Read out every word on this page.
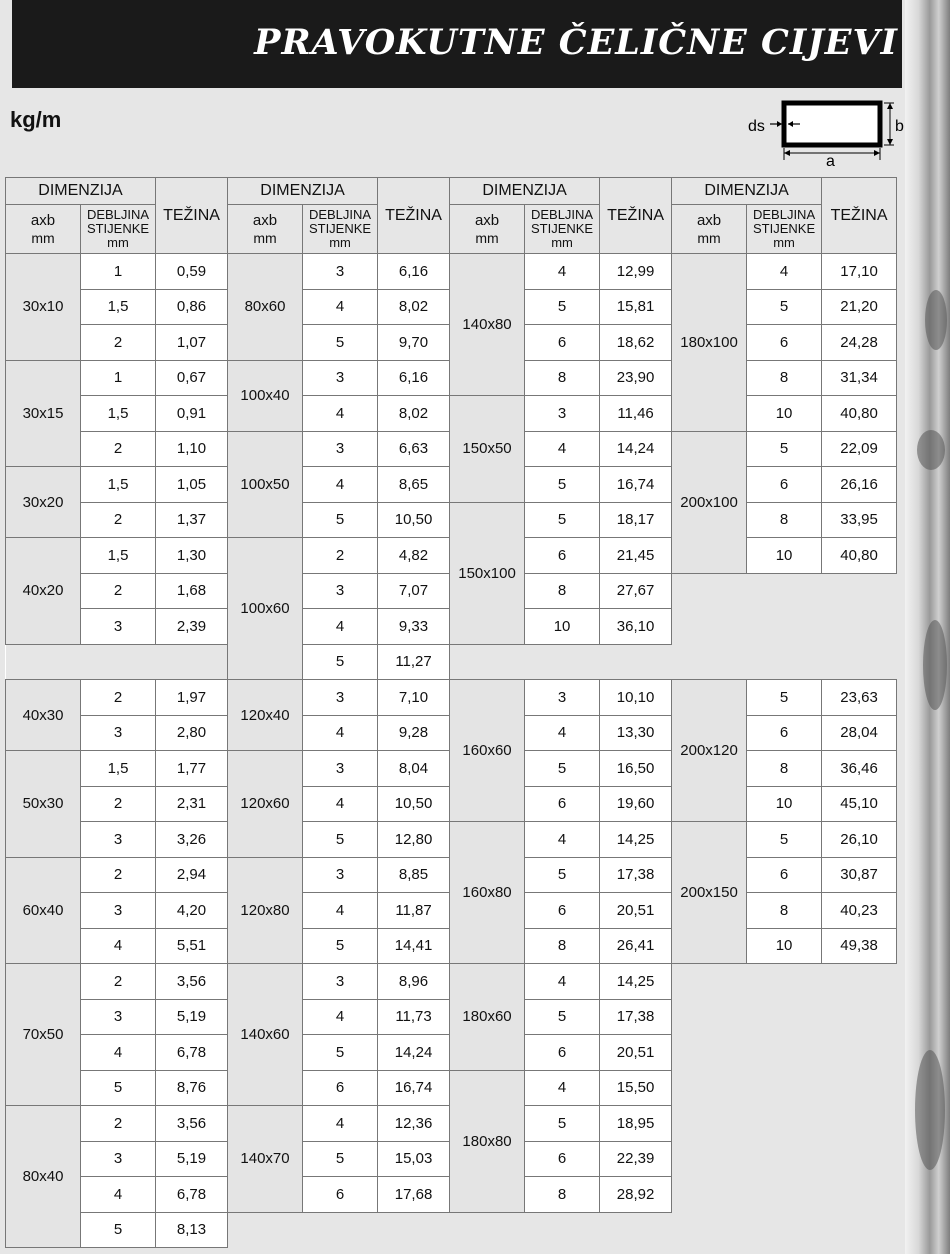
PRAVOKUTNE ČELIČNE CIJEVI
kg/m	ds
a
b
DIMENZIJA		TEŽINA	DIMENZIJA		TEŽINA	DIMENZIJA		TEŽINA	DIMENZIJA		TEŽINA

axb
mm	DEBLJINA
STIJENKE
mm		axb
mm	DEBLJINA
STIJENKE
mm		axb
mm	DEBLJINA
STIJENKE
mm		axb
mm	DEBLJINA
STIJENKE
mm	

30x10	1	0,59	80x60	3	6,16	140x80	4	12,99	180x100	4	17,10
	1,5	0,86		4	8,02		5	15,81		5	21,20
	2	1,07		5	9,70		6	18,62		6	24,28
30x15	1	0,67	100x40	3	6,16		8	23,90		8	31,34
	1,5	0,91		4	8,02	150x50	3	11,46		10	40,80
	2	1,10	100x50	3	6,63		4	14,24	200x100	5	22,09
30x20	1,5	1,05		4	8,65		5	16,74		6	26,16
	2	1,37		5	10,50	150x100	5	18,17		8	33,95
40x20	1,5	1,30	100x60	2	4,82		6	21,45		10	40,80
	2	1,68		3	7,07		8	27,67			
	3	2,39		4	9,33		10	36,10			
				5	11,27						
40x30	2	1,97	120x40	3	7,10	160x60	3	10,10	200x120	5	23,63
	3	2,80		4	9,28		4	13,30		6	28,04
50x30	1,5	1,77	120x60	3	8,04		5	16,50		8	36,46
	2	2,31		4	10,50		6	19,60		10	45,10
	3	3,26		5	12,80	160x80	4	14,25	200x150	5	26,10
60x40	2	2,94	120x80	3	8,85		5	17,38		6	30,87
	3	4,20		4	11,87		6	20,51		8	40,23
	4	5,51		5	14,41		8	26,41		10	49,38
70x50	2	3,56	140x60	3	8,96	180x60	4	14,25			
	3	5,19		4	11,73		5	17,38			
	4	6,78		5	14,24		6	20,51			
	5	8,76		6	16,74	180x80	4	15,50			
80x40	2	3,56	140x70	4	12,36		5	18,95			
	3	5,19		5	15,03		6	22,39			
	4	6,78		6	17,68		8	28,92			
	5	8,13									
